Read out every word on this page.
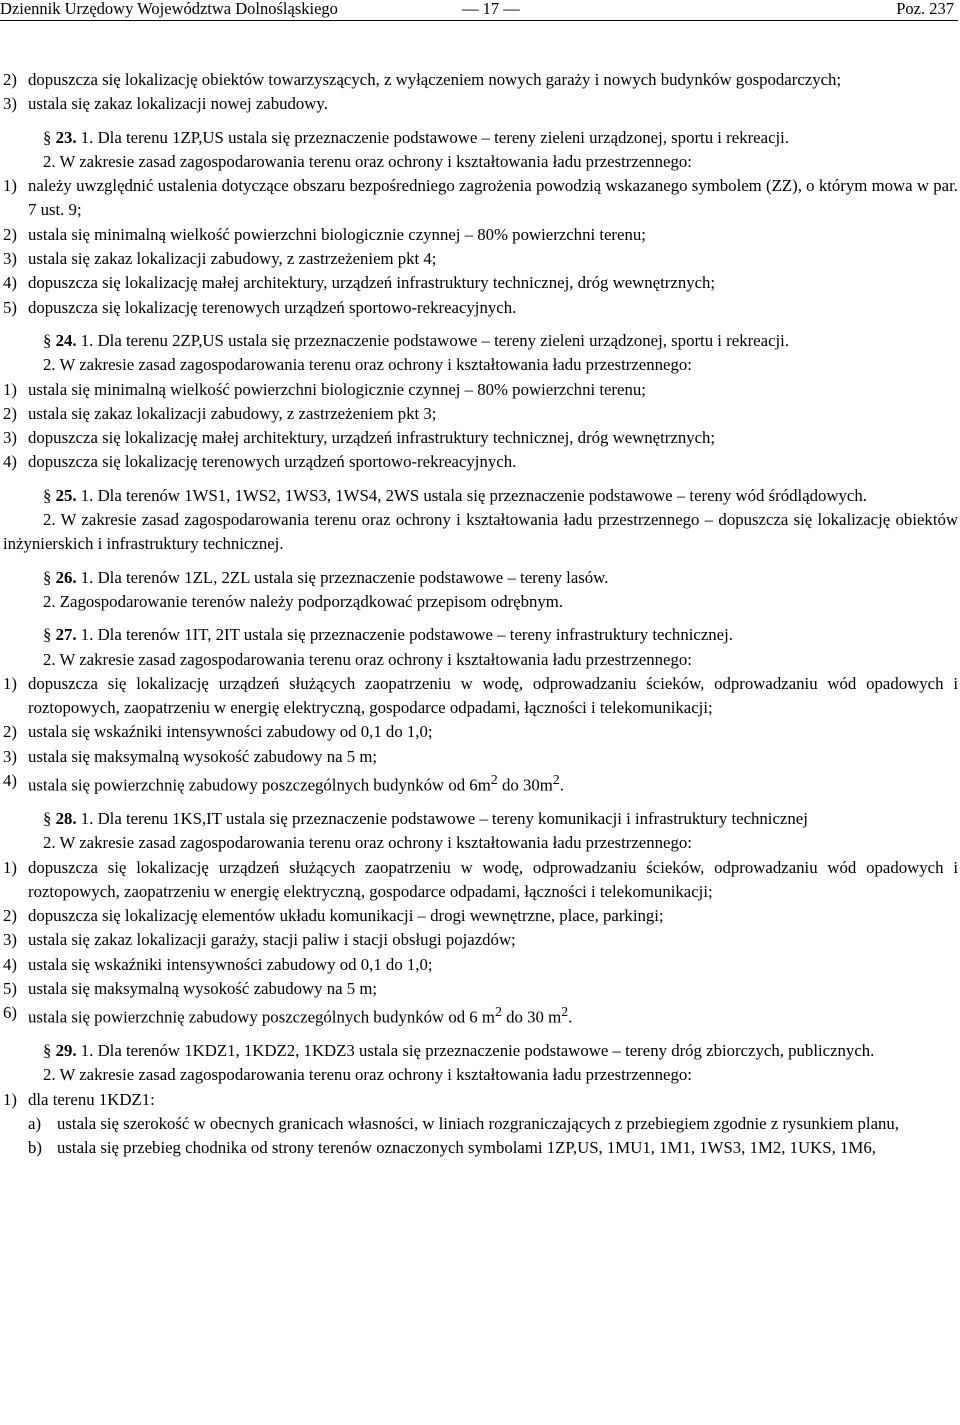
Dziennik Urzędowy Województwa Dolnośląskiego	— 17 —	Poz. 237
2) dopuszcza się lokalizację obiektów towarzyszących, z wyłączeniem nowych garaży i nowych budynków gospodarczych;
3) ustala się zakaz lokalizacji nowej zabudowy.

§ 23. 1. Dla terenu 1ZP,US ustala się przeznaczenie podstawowe – tereny zieleni urządzonej, sportu i rekreacji.

2. W zakresie zasad zagospodarowania terenu oraz ochrony i kształtowania ładu przestrzennego:

1) należy uwzględnić ustalenia dotyczące obszaru bezpośredniego zagrożenia powodzią wskazanego symbolem (ZZ), o którym mowa w par. 7 ust. 9;
2) ustala się minimalną wielkość powierzchni biologicznie czynnej – 80% powierzchni terenu;
3) ustala się zakaz lokalizacji zabudowy, z zastrzeżeniem pkt 4;
4) dopuszcza się lokalizację małej architektury, urządzeń infrastruktury technicznej, dróg wewnętrznych;
5) dopuszcza się lokalizację terenowych urządzeń sportowo-rekreacyjnych.

§ 24. 1. Dla terenu 2ZP,US ustala się przeznaczenie podstawowe – tereny zieleni urządzonej, sportu i rekreacji.

2. W zakresie zasad zagospodarowania terenu oraz ochrony i kształtowania ładu przestrzennego:

1) ustala się minimalną wielkość powierzchni biologicznie czynnej – 80% powierzchni terenu;
2) ustala się zakaz lokalizacji zabudowy, z zastrzeżeniem pkt 3;
3) dopuszcza się lokalizację małej architektury, urządzeń infrastruktury technicznej, dróg wewnętrznych;
4) dopuszcza się lokalizację terenowych urządzeń sportowo-rekreacyjnych.

§ 25. 1. Dla terenów 1WS1, 1WS2, 1WS3, 1WS4, 2WS ustala się przeznaczenie podstawowe – tereny wód śródlądowych.

2. W zakresie zasad zagospodarowania terenu oraz ochrony i kształtowania ładu przestrzennego – dopuszcza się lokalizację obiektów inżynierskich i infrastruktury technicznej.

§ 26. 1. Dla terenów 1ZL, 2ZL ustala się przeznaczenie podstawowe – tereny lasów.

2. Zagospodarowanie terenów należy podporządkować przepisom odrębnym.

§ 27. 1. Dla terenów 1IT, 2IT ustala się przeznaczenie podstawowe – tereny infrastruktury technicznej.

2. W zakresie zasad zagospodarowania terenu oraz ochrony i kształtowania ładu przestrzennego:

1) dopuszcza się lokalizację urządzeń służących zaopatrzeniu w wodę, odprowadzaniu ścieków, odprowadzaniu wód opadowych i roztopowych, zaopatrzeniu w energię elektryczną, gospodarce odpadami, łączności i telekomunikacji;
2) ustala się wskaźniki intensywności zabudowy od 0,1 do 1,0;
3) ustala się maksymalną wysokość zabudowy na 5 m;
4) ustala się powierzchnię zabudowy poszczególnych budynków od $6m^2$ do $30m^2$.

§ 28. 1. Dla terenu 1KS,IT ustala się przeznaczenie podstawowe – tereny komunikacji i infrastruktury technicznej

2. W zakresie zasad zagospodarowania terenu oraz ochrony i kształtowania ładu przestrzennego:

1) dopuszcza się lokalizację urządzeń służących zaopatrzeniu w wodę, odprowadzaniu ścieków, odprowadzaniu wód opadowych i roztopowych, zaopatrzeniu w energię elektryczną, gospodarce odpadami, łączności i telekomunikacji;
2) dopuszcza się lokalizację elementów układu komunikacji – drogi wewnętrzne, place, parkingi;
3) ustala się zakaz lokalizacji garaży, stacji paliw i stacji obsługi pojazdów;
4) ustala się wskaźniki intensywności zabudowy od 0,1 do 1,0;
5) ustala się maksymalną wysokość zabudowy na 5 m;
6) ustala się powierzchnię zabudowy poszczególnych budynków od 6 $m^2$ do 30 $m^2$.

§ 29. 1. Dla terenów 1KDZ1, 1KDZ2, 1KDZ3 ustala się przeznaczenie podstawowe – tereny dróg zbiorczych, publicznych.

2. W zakresie zasad zagospodarowania terenu oraz ochrony i kształtowania ładu przestrzennego:

1) dla terenu 1KDZ1:
a) ustala się szerokość w obecnych granicach własności, w liniach rozgraniczających z przebiegiem zgodnie z rysunkiem planu,
b) ustala się przebieg chodnika od strony terenów oznaczonych symbolami 1ZP,US, 1MU1, 1M1, 1WS3, 1M2, 1UKS, 1M6,
